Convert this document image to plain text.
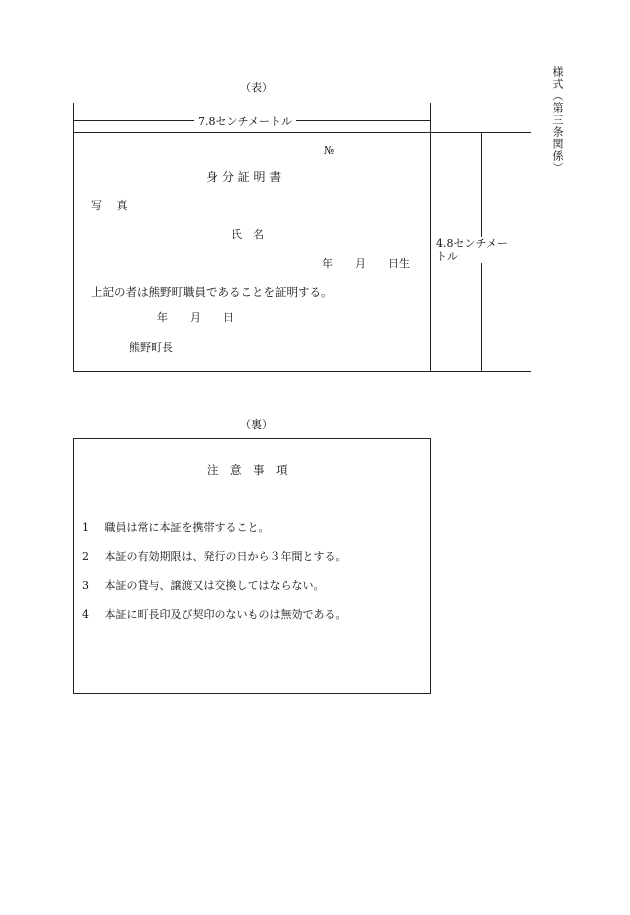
様式（第三条関係）
（表）
7.8センチメートル
4.8センチメー
トル
№
身 分 証 明 書
写　 真
氏　名
年　　月　　日生
上記の者は熊野町職員であることを証明する。
年　　月　　日
熊野町長
（裏）
注　意　事　項
1 職員は常に本証を携帯すること。
2 本証の有効期限は、発行の日から３年間とする。
3 本証の貸与、譲渡又は交換してはならない。
4 本証に町長印及び契印のないものは無効である。
